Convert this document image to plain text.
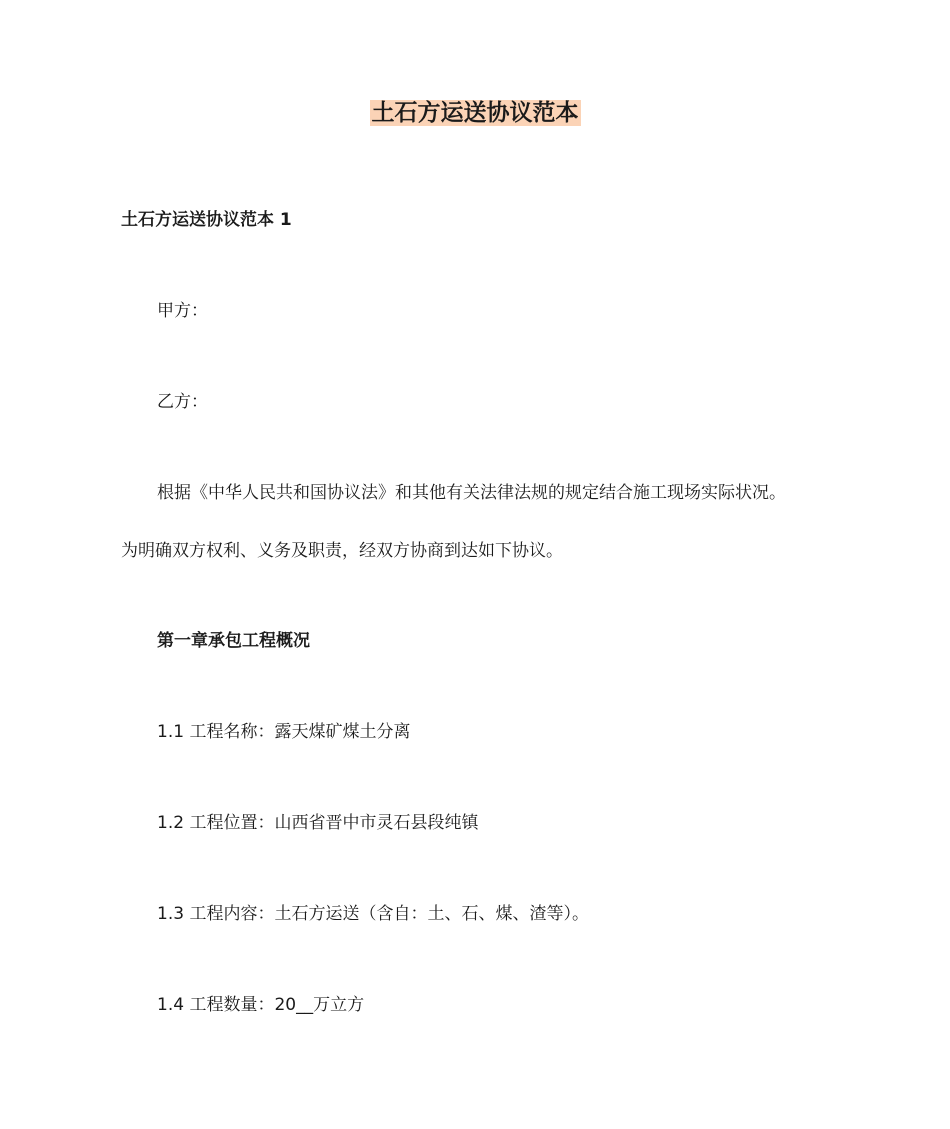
土石方运送协议范本

土石方运送协议范本 1

甲方：

乙方：

根据《中华人民共和国协议法》和其他有关法律法规的规定结合施工现场实际状况。

为明确双方权利、义务及职责，经双方协商到达如下协议。

第一章承包工程概况

1.1 工程名称：露天煤矿煤土分离

1.2 工程位置：山西省晋中市灵石县段纯镇

1.3 工程内容：土石方运送（含自：土、石、煤、渣等）。

1.4 工程数量：20__万立方
